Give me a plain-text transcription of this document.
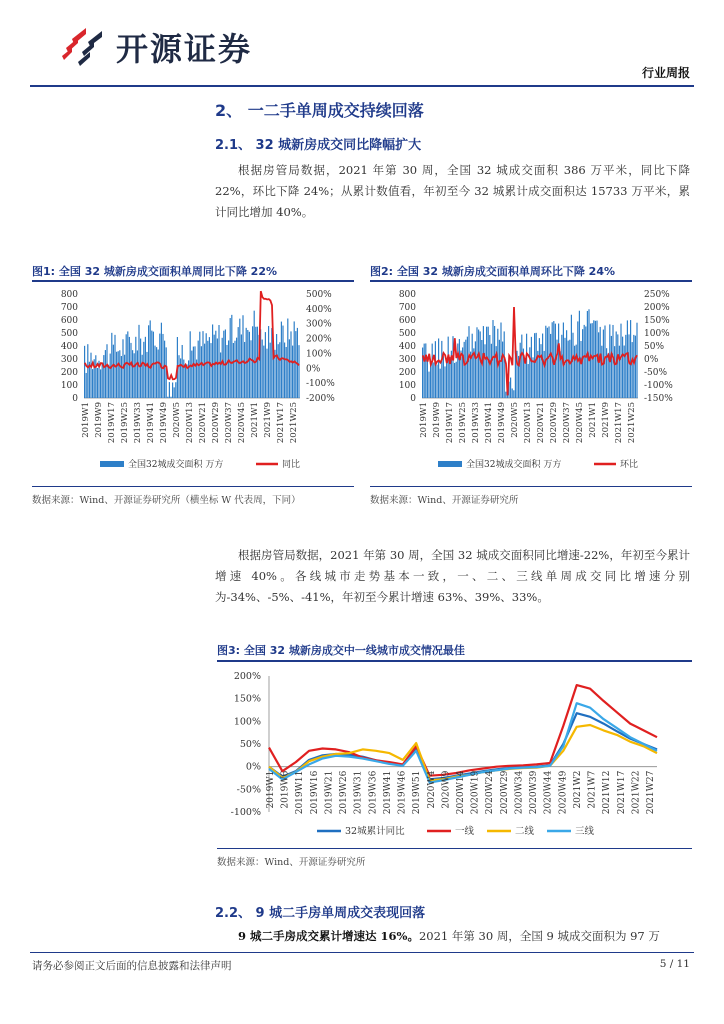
开源证券
行业周报
2、 一二手单周成交持续回落
2.1、 32 城新房成交同比降幅扩大
根据房管局数据，2021 年第 30 周，全国 32 城成交面积 386 万平米，同比下降 22%，环比下降 24%；从累计数值看，年初至今 32 城累计成交面积达 15733 万平米，累计同比增加 40%。
图1: 全国 32 城新房成交面积单周同比下降 22%
800
700
600
500
400
300
200
100
0
500%
400%
300%
200%
100%
0%
-100%
-200%
2019W1 2019W9 2019W17 2019W25 2019W33 2019W41 2019W49 2020W5 2020W13 2020W21 2020W29 2020W37 2020W45 2021W1 2021W9 2021W17 2021W25
全国32城成交面积 万方	同比
数据来源：Wind、开源证券研究所（横坐标 W 代表周，下同）
图2: 全国 32 城新房成交面积单周环比下降 24%
800
700
600
500
400
300
200
100
0
250%
200%
150%
100%
50%
0%
-50%
-100%
-150%
2019W1 2019W9 2019W17 2019W25 2019W33 2019W41 2019W49 2020W5 2020W13 2020W21 2020W29 2020W37 2020W45 2021W1 2021W9 2021W17 2021W25
全国32城成交面积 万方	环比
数据来源：Wind、开源证券研究所
根据房管局数据，2021 年第 30 周，全国 32 城成交面积同比增速-22%，年初至今累计增速 40%。各线城市走势基本一致，一、二、三线单周成交同比增速分别为-34%、-5%、-41%，年初至今累计增速 63%、39%、33%。
图3: 全国 32 城新房成交中一线城市成交情况最佳
200%
150%
100%
50%
0%
-50%
-100%
2019W1 2019W6 2019W11 2019W16 2019W21 2019W26 2019W31 2019W36 2019W41 2019W46 2019W51 2020W4 2020W9 2020W14 2020W19 2020W24 2020W29 2020W34 2020W39 2020W44 2020W49 2021W2 2021W7 2021W12 2021W17 2021W22 2021W27
32城累计同比	一线	二线	三线
数据来源：Wind、开源证券研究所
2.2、 9 城二手房单周成交表现回落
9 城二手房成交累计增速达 16%。2021 年第 30 周，全国 9 城成交面积为 97 万
请务必参阅正文后面的信息披露和法律声明	5 / 11
